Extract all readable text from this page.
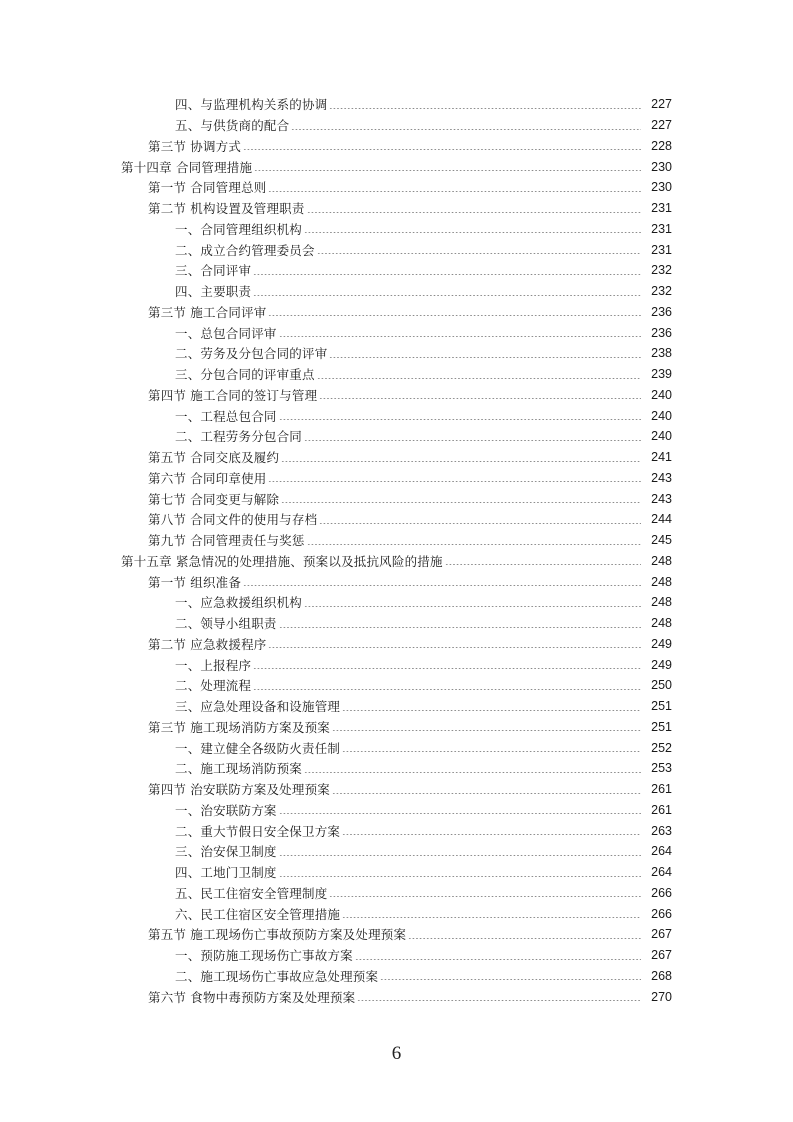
四、与监理机构关系的协调	227
五、与供货商的配合	227
第三节 协调方式	228
第十四章 合同管理措施	230
第一节 合同管理总则	230
第二节 机构设置及管理职责	231
一、合同管理组织机构	231
二、成立合约管理委员会	231
三、合同评审	232
四、主要职责	232
第三节 施工合同评审	236
一、总包合同评审	236
二、劳务及分包合同的评审	238
三、分包合同的评审重点	239
第四节 施工合同的签订与管理	240
一、工程总包合同	240
二、工程劳务分包合同	240
第五节 合同交底及履约	241
第六节 合同印章使用	243
第七节 合同变更与解除	243
第八节 合同文件的使用与存档	244
第九节 合同管理责任与奖惩	245
第十五章 紧急情况的处理措施、预案以及抵抗风险的措施	248
第一节 组织准备	248
一、应急救援组织机构	248
二、领导小组职责	248
第二节 应急救援程序	249
一、上报程序	249
二、处理流程	250
三、应急处理设备和设施管理	251
第三节 施工现场消防方案及预案	251
一、建立健全各级防火责任制	252
二、施工现场消防预案	253
第四节 治安联防方案及处理预案	261
一、治安联防方案	261
二、重大节假日安全保卫方案	263
三、治安保卫制度	264
四、工地门卫制度	264
五、民工住宿安全管理制度	266
六、民工住宿区安全管理措施	266
第五节 施工现场伤亡事故预防方案及处理预案	267
一、预防施工现场伤亡事故方案	267
二、施工现场伤亡事故应急处理预案	268
第六节 食物中毒预防方案及处理预案	270
6
